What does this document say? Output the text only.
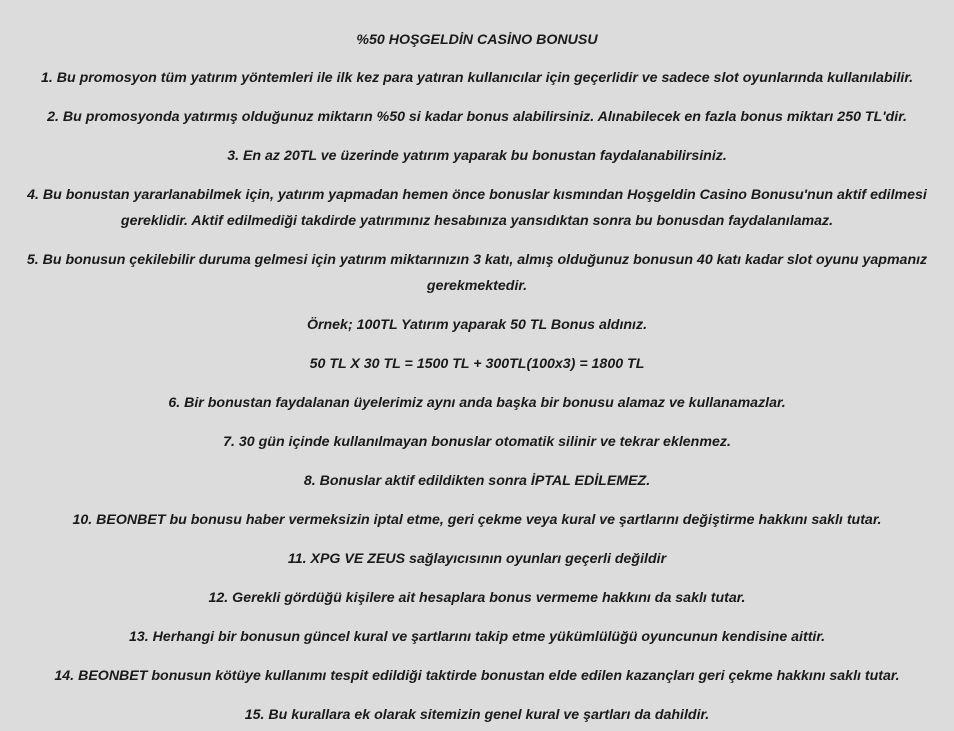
%50 HOŞGELDİN CASİNO BONUSU

1. Bu promosyon tüm yatırım yöntemleri ile ilk kez para yatıran kullanıcılar için geçerlidir ve sadece slot oyunlarında kullanılabilir.

2. Bu promosyonda yatırmış olduğunuz miktarın %50 si kadar bonus alabilirsiniz. Alınabilecek en fazla bonus miktarı 250 TL'dir.

3. En az 20TL ve üzerinde yatırım yaparak bu bonustan faydalanabilirsiniz.

4. Bu bonustan yararlanabilmek için, yatırım yapmadan hemen önce bonuslar kısmından Hoşgeldin Casino Bonusu'nun aktif edilmesi gereklidir. Aktif edilmediği takdirde yatırımınız hesabınıza yansıdıktan sonra bu bonusdan faydalanılamaz.

5. Bu bonusun çekilebilir duruma gelmesi için yatırım miktarınızın 3 katı, almış olduğunuz bonusun 40 katı kadar slot oyunu yapmanız gerekmektedir.

Örnek; 100TL Yatırım yaparak 50 TL Bonus aldınız.

50 TL X 30 TL = 1500 TL + 300TL(100x3) = 1800 TL

6. Bir bonustan faydalanan üyelerimiz aynı anda başka bir bonusu alamaz ve kullanamazlar.

7. 30 gün içinde kullanılmayan bonuslar otomatik silinir ve tekrar eklenmez.

8. Bonuslar aktif edildikten sonra İPTAL EDİLEMEZ.

10. BEONBET bu bonusu haber vermeksizin iptal etme, geri çekme veya kural ve şartlarını değiştirme hakkını saklı tutar.

11. XPG VE ZEUS sağlayıcısının oyunları geçerli değildir

12. Gerekli gördüğü kişilere ait hesaplara bonus vermeme hakkını da saklı tutar.

13. Herhangi bir bonusun güncel kural ve şartlarını takip etme yükümlülüğü oyuncunun kendisine aittir.

14. BEONBET bonusun kötüye kullanımı tespit edildiği taktirde bonustan elde edilen kazançları geri çekme hakkını saklı tutar.

15. Bu kurallara ek olarak sitemizin genel kural ve şartları da dahildir.
